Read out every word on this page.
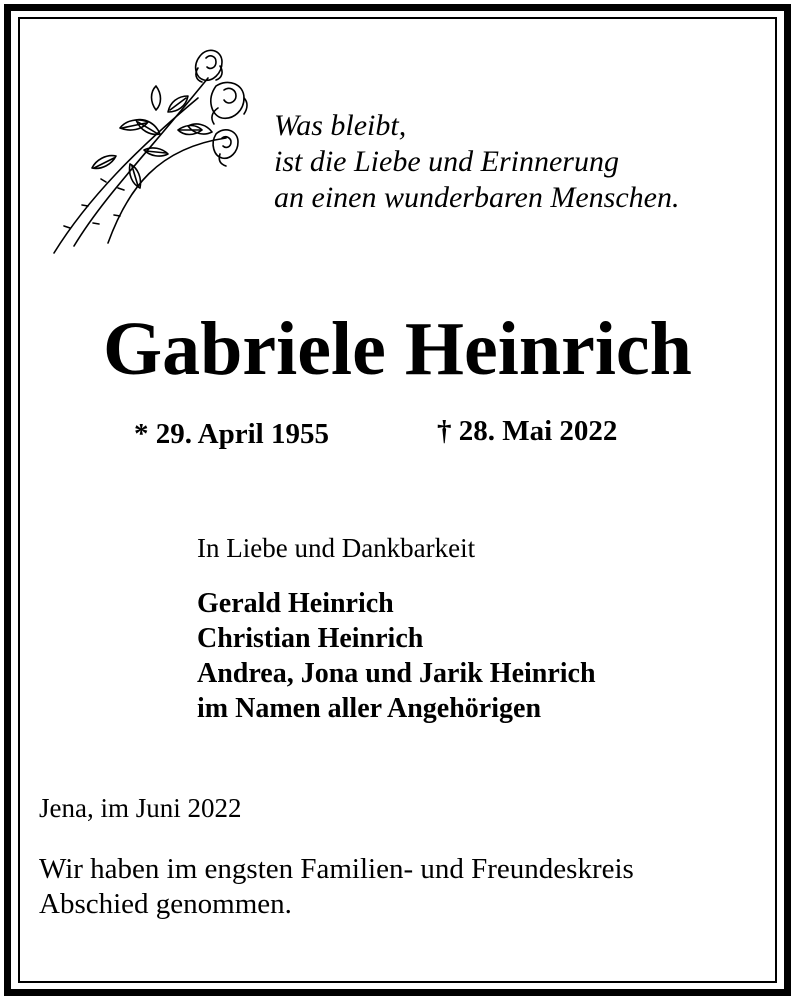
Was bleibt,
ist die Liebe und Erinnerung
an einen wunderbaren Menschen.
Gabriele Heinrich
* 29. April 1955	† 28. Mai 2022
In Liebe und Dankbarkeit
Gerald Heinrich
Christian Heinrich
Andrea, Jona und Jarik Heinrich
im Namen aller Angehörigen
Jena, im Juni 2022
Wir haben im engsten Familien- und Freundeskreis
Abschied genommen.
